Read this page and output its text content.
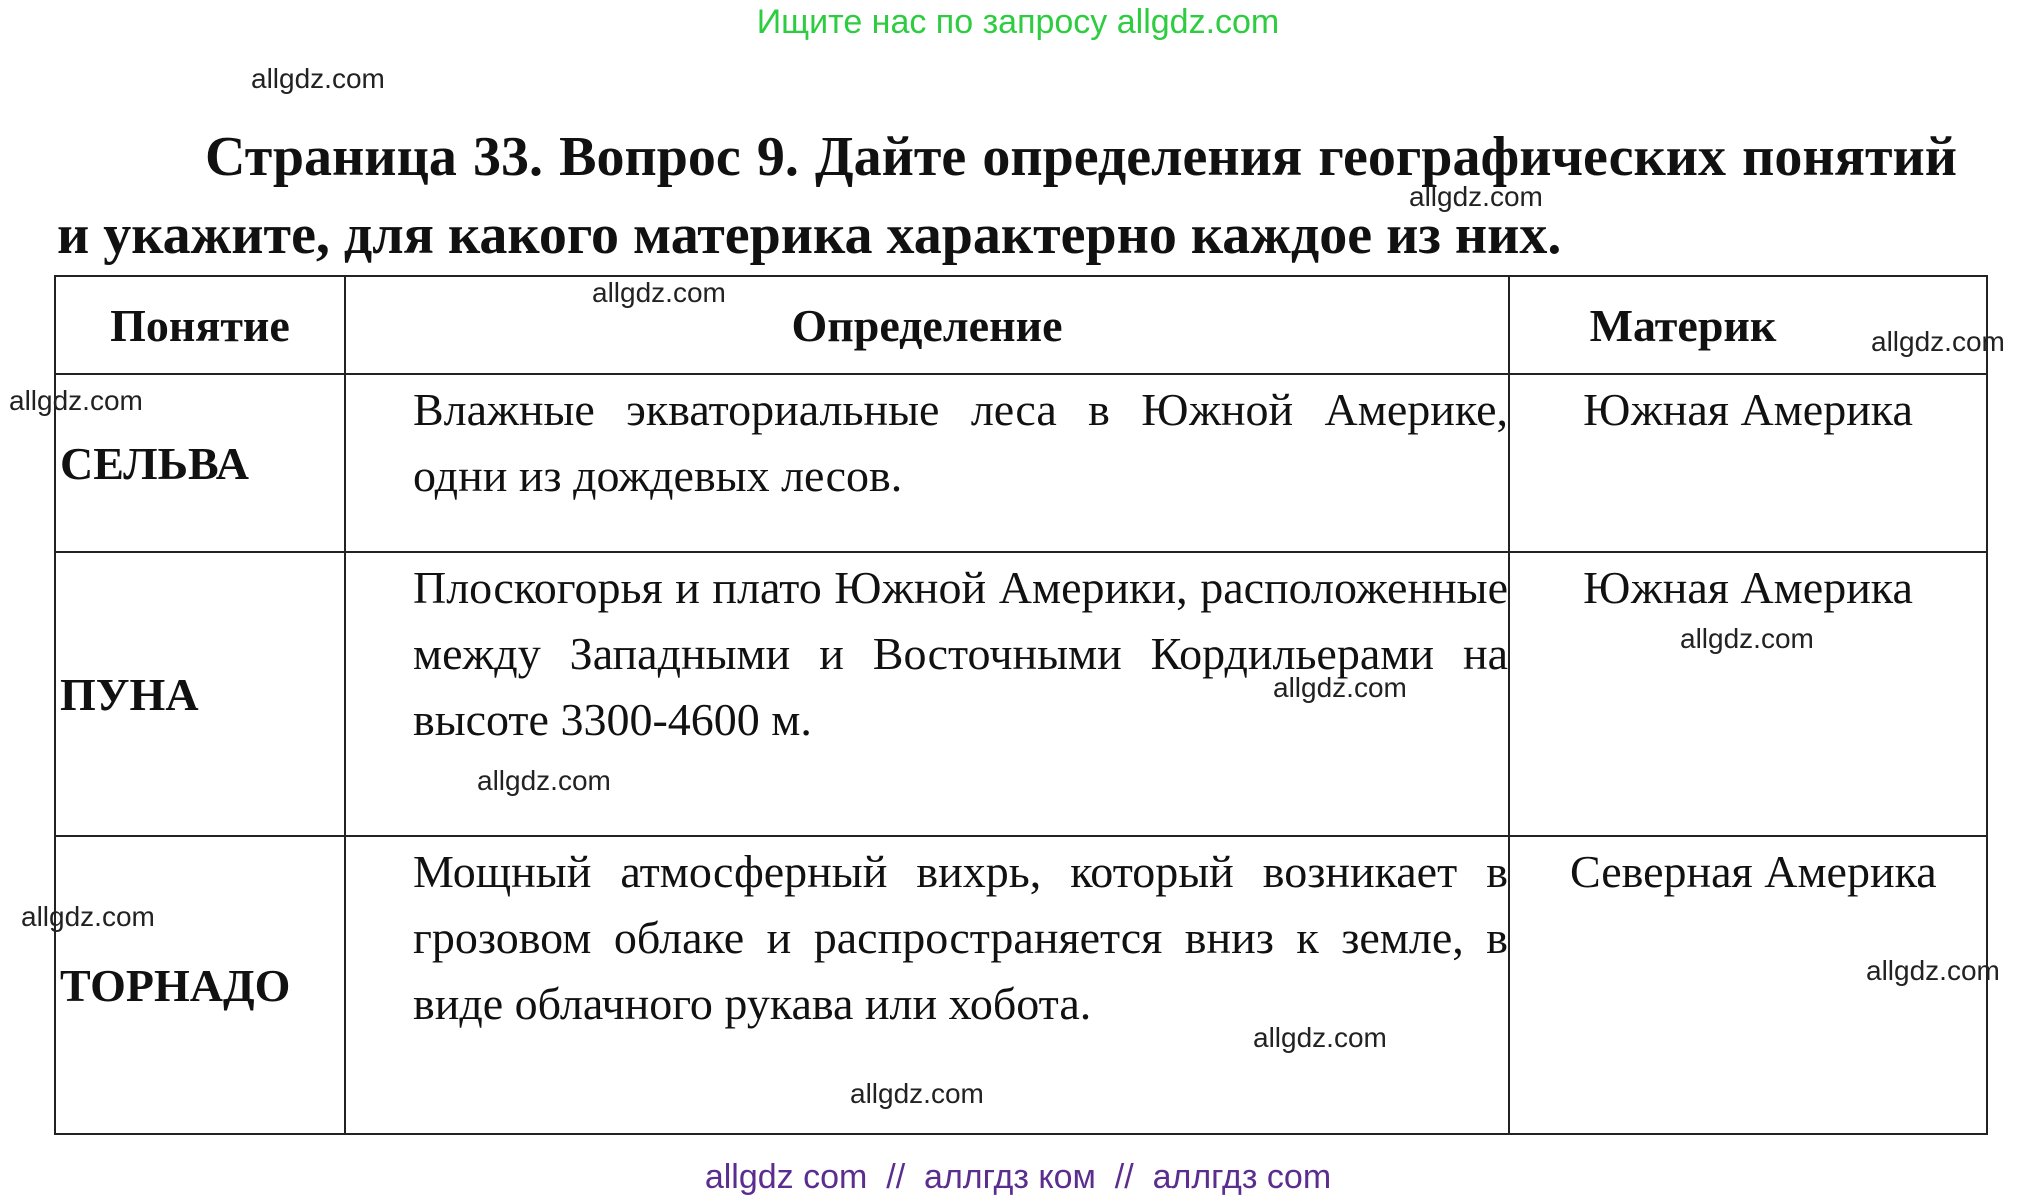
Ищите нас по запросу allgdz.com
allgdz.com

Страница 33. Вопрос 9. Дайте определения географических понятий и укажите, для какого материка характерно каждое из них.

allgdz.com
Понятие	Определение	Материк
СЕЛЬВА	Влажные экваториальные леса в Южной Америке, одни из дождевых лесов.	Южная Америка
ПУНА	Плоскогорья и плато Южной Америки, расположенные между Западными и Восточными Кордильерами на высоте 3300-4600 м.	Южная Америка
ТОРНАДО	Мощный атмосферный вихрь, который возникает в грозовом облаке и распространяется вниз к земле, в виде облачного рукава или хобота.	Северная Америка
allgdz.com
allgdz.com
allgdz.com
allgdz.com
allgdz.com
allgdz.com
allgdz.com
allgdz.com
allgdz.com
allgdz.com
allgdz com  //  аллгдз ком  //  аллгдз com
